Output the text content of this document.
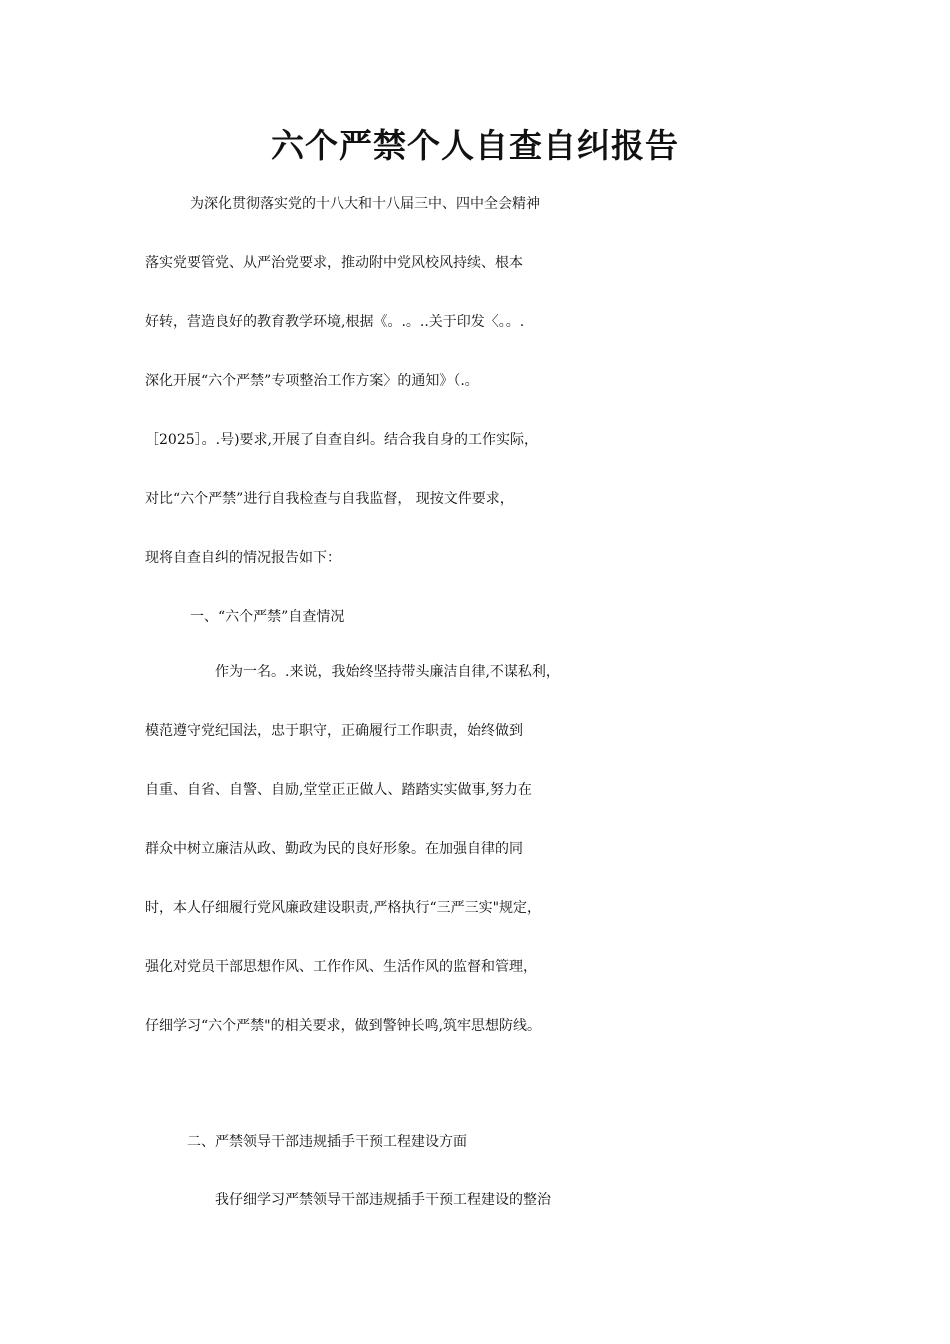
六个严禁个人自查自纠报告
为深化贯彻落实党的十八大和十八届三中、四中全会精神
落实党要管党、从严治党要求，推动附中党风校风持续、根本
好转，营造良好的教育教学环境,根据《。.。..关于印发〈。。.
深化开展“六个严禁”专项整治工作方案〉的通知》（.。
［2025］。.号)要求,开展了自查自纠。结合我自身的工作实际，
对比“六个严禁”进行自我检查与自我监督， 现按文件要求，
现将自查自纠的情况报告如下：
一、“六个严禁”自查情况
作为一名。.来说，我始终坚持带头廉洁自律,不谋私利，
模范遵守党纪国法，忠于职守，正确履行工作职责，始终做到
自重、自省、自警、自励,堂堂正正做人、踏踏实实做事,努力在
群众中树立廉洁从政、勤政为民的良好形象。在加强自律的同
时，本人仔细履行党风廉政建设职责,严格执行“三严三实"规定，
强化对党员干部思想作风、工作作风、生活作风的监督和管理，
仔细学习“六个严禁"的相关要求，做到警钟长鸣,筑牢思想防线。
二、严禁领导干部违规插手干预工程建设方面
我仔细学习严禁领导干部违规插手干预工程建设的整治
